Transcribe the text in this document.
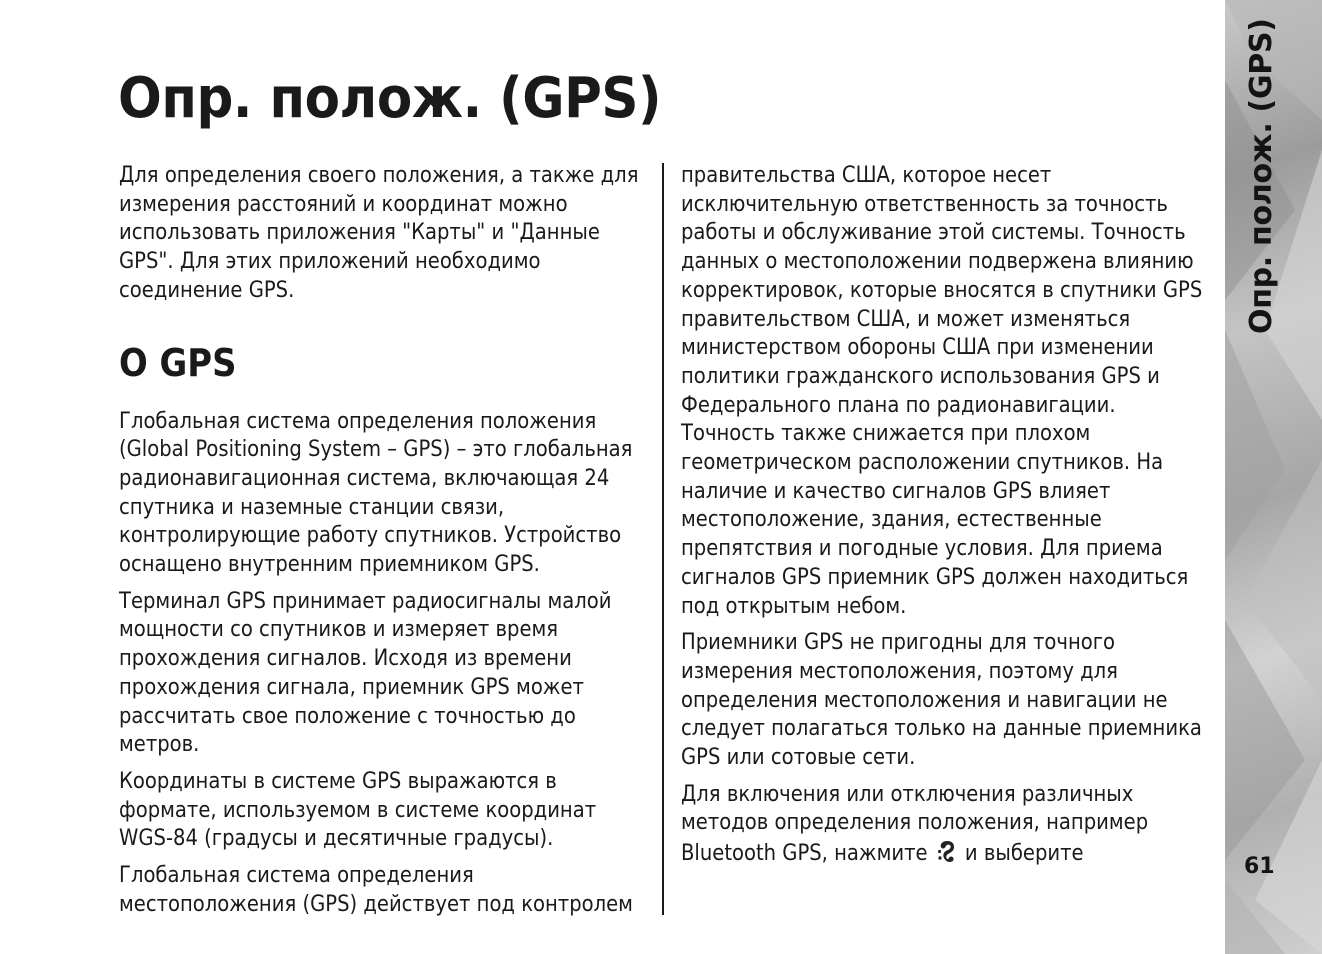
Опр. полож. (GPS)

Для определения своего положения, а также для измерения расстояний и координат можно использовать приложения "Карты" и "Данные GPS". Для этих приложений необходимо соединение GPS.

О GPS

Глобальная система определения положения (Global Positioning System – GPS) – это глобальная радионавигационная система, включающая 24 спутника и наземные станции связи, контролирующие работу спутников. Устройство оснащено внутренним приемником GPS.

Терминал GPS принимает радиосигналы малой мощности со спутников и измеряет время прохождения сигналов. Исходя из времени прохождения сигнала, приемник GPS может рассчитать свое положение с точностью до метров.

Координаты в системе GPS выражаются в формате, используемом в системе координат WGS-84 (градусы и десятичные градусы).

Глобальная система определения местоположения (GPS) действует под контролем

правительства США, которое несет исключительную ответственность за точность работы и обслуживание этой системы. Точность данных о местоположении подвержена влиянию корректировок, которые вносятся в спутники GPS правительством США, и может изменяться министерством обороны США при изменении политики гражданского использования GPS и Федерального плана по радионавигации. Точность также снижается при плохом геометрическом расположении спутников. На наличие и качество сигналов GPS влияет местоположение, здания, естественные препятствия и погодные условия. Для приема сигналов GPS приемник GPS должен находиться под открытым небом.

Приемники GPS не пригодны для точного измерения местоположения, поэтому для определения местоположения и навигации не следует полагаться только на данные приемника GPS или сотовые сети.

Для включения или отключения различных методов определения положения, например Bluetooth GPS, нажмите и выберите

Опр. полож. (GPS)
61
